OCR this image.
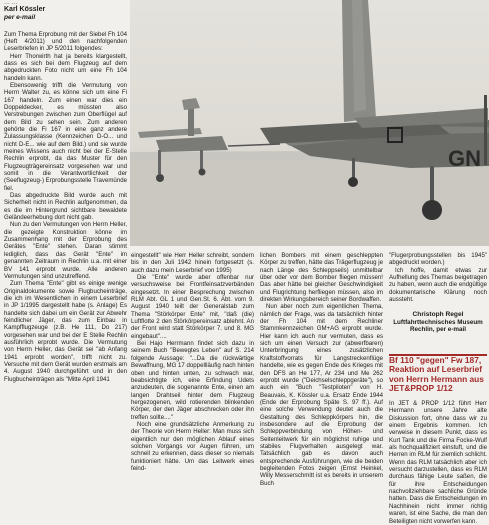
… …
Karl Kössler
per e-mail

Zum Thema Erprobung mit der Siebel Fh 104 (Heft 4/2011) und den nachfolgenden Leserbriefen in JP 5/2011 folgendes:

Herr Thorwirth hat ja bereits klargestellt, dass es sich bei dem Flugzeug auf dem abgedruckten Foto nicht um eine Fh 104 handeln kann.

Ebensowenig trifft die Vermutung von Herrn Walter zu, es könne sich um eine Fi 167 handeln. Zum einen war dies ein Doppeldecker, es müssten also Verstrebungen zwischen zum Oberflügel auf dem Bild zu sehen sein. Zum anderen gehörte die Fi 167 in eine ganz andere Zulassungsklasse (Kennzeichen D-O... und nicht D-E... wie auf dem Bild.) und sie wurde meines Wissens auch nicht bei der E-Stelle Rechlin erprobt, da das Muster für den Flugzeugträgereinsatz vorgesehen war und somit in die Verantwortlichkeit der (Seeflugzeug-) Erprobungsstelle Travemünde fiel.

Das abgedruckte Bild wurde auch mit Sicherheit nicht in Rechlin aufgenommen, da es die im Hintergrund sichtbare bewaldete Geländeerhebung dort nicht gab.

Nun zu den Vermutungen von Herrn Heller, die gezeigte Konstruktion könne im Zusammenhang mit der Erprobung des Gerätes "Ente" stehen. Daran stimmt lediglich, dass das Gerät "Ente" im genannten Zeitraum in Rechlin u.a. mit einer BV 141 erprobt wurde. Alle anderen Vermutungen sind unzutreffend.

Zum Thema "Ente" gibt es einige wenige Originaldokumente sowie Flugbucheinträge, die ich im Wesentlichen in einem Leserbrief in JP 1/1995 dargestellt habe (s. Anlage) Es handelte sich dabei um ein Gerät zur Abwehr feindlicher Jäger, das zum Einbau in Kampfflugzeuge (z.B. He 111, Do 217) vorgesehen war und bei der E Stelle Rechlin ausführlich erprobt wurde. Die Vermutung von Herrn Heller, das Gerät sei "ab Anfang 1941 erprobt worden", trifft nicht zu. Versuche mit dem Gerät wurden erstmals am 4. August 1940 durchgeführt und in den Flugbucheinträgen als "Mitte April 1941

GN

eingestellt" wie Herr Heller schreibt, sondern bis in den Juli 1942 hinein fortgesetzt (s. auch dazu mein Leserbrief von 1995)

Die "Ente" wurde aber offenbar nur versuchsweise bei Frontfeinsatzverbänden eingesetzt. In einer Besprechung zwischen RLM Abt. GL 1 und Gen.St. 6. Abt. vom 9. August 1940 teilt der Generalstab zum Thema "Störkörper Ente" mit, "daß (die) Luftflotte 2 den Störkörpereinsatz ablehnt. An der Front wird statt Störkörper 7. und 8. MG eingebaut"....

Bei Hajo Herrmann findet sich dazu in seinem Buch "Bewegtes Leben" auf S. 214 folgende Aussage: "...Da die rückwärtige Bewaffnung, MG 17 doppellläufig nach hinten oben und hinten unten, zu schwach war, beabsichtigte ich, eine Erfindung Udets anzudeuten, die sogenannte Ente, einen am langen Drahtseil hinter dem Flugzeug hergezogenen, wild rotierenden blinkenden Körper, der den Jäger abschrecken oder ihn treffen sollte...."

Noch eine grundsätzliche Anmerkung zu der Theorie von Herrn Heller: Man muss sich eigentlich nur den möglichen Ablauf eines solchen Vorgangs vor Augen führen, um schnell zu erkennen, dass dieser so niemals funktioniert hätte. Um das Leitwerk eines feind-

lichen Bombers mit einem geschleppten Körper zu treffen, hätte das Trägerflugzeug je nach Länge des Schleppseils) unmittelbar über oder vor dem Bomber fliegen müssen! Das aber hätte bei gleicher Geschwindigkeit und Flugrichtung herfliegen müssen, also im direkten Wirkungsbereich seiner Bordwaffen.

Nun aber noch zum eigentlichen Thema, nämlich der Frage, was da tatsächlich hinter der Fh 104 mit dem Rechliner Stammkennzeichen GM+AG erprobt wurde. Hier kann ich auch nur vermuten, dass es sich um einen Versuch zur (abwerfbaren) Unterbringung eines zusätzlichen Kraftstoffvorrats für Langstreckenflüge handelte, wie es gegen Ende des Krieges mit den DFS an He 177, Ar 234 und Me 262 erprobt wurde ("Deichselschleppgeräte"), so auch ein "Buch "Testpiloten" von H. Beauvais, K. Kössler u.a. Ersatz Ende 1944 (Ende der Erprobung Späte S. 97 ff.). Auf eine solche Verwendung deutet auch die Gestaltung des Schleppkörpers hin, die insbesondere auf die Erprobung der Schleppverbindung von Höhen- und Seitenleitwerk für ein möglichst ruhige und stabiles Flugverhalten ausgelegt war. Tatsächlich gab es davon auch entsprechende Ausführungen, wie die beiden begleitenden Fotos zeigen (Ernst Heinkel, Willy Messerschmitt ist es bereits in unserem Buch

"Flugerprobungsstellen bis 1945" abgedruckt worden.)

Ich hoffe, damit etwas zur Aufhellung des Themas beigetragen zu haben, wenn auch die endgültige dokumentarische Klärung noch aussteht.

Christoph Regel
Luftfahrttechnisches Museum Rechlin, per e-mail
Bf 110 "gegen" Fw 187, Reaktion auf Leserbrief von Herrn Hermann aus JET&PROP 1/12

In JET & PROP 1/12 führt Herr Hermann unsere Jahre alte Diskussion fort, ohne dass wir zu einem Ergebnis kommen. Ich verweise in diesem Punkt, dass es Kurt Tank und die Firma Focke-Wulf als hochqualifiziert einstuft, und die Herren im RLM für ziemlich schlicht. Wenn das RLM tatsächlich aber ich versucht darzustellen, dass es RLM durchaus fähige Leute saßen, die für ihre Entscheidungen nachvollziehbare sachliche Gründe hatten. Dass die Entscheidungen im Nachhinein nicht immer richtig waren, ist eine Sache, die man den Beteiligten nicht vorwerfen kann.
